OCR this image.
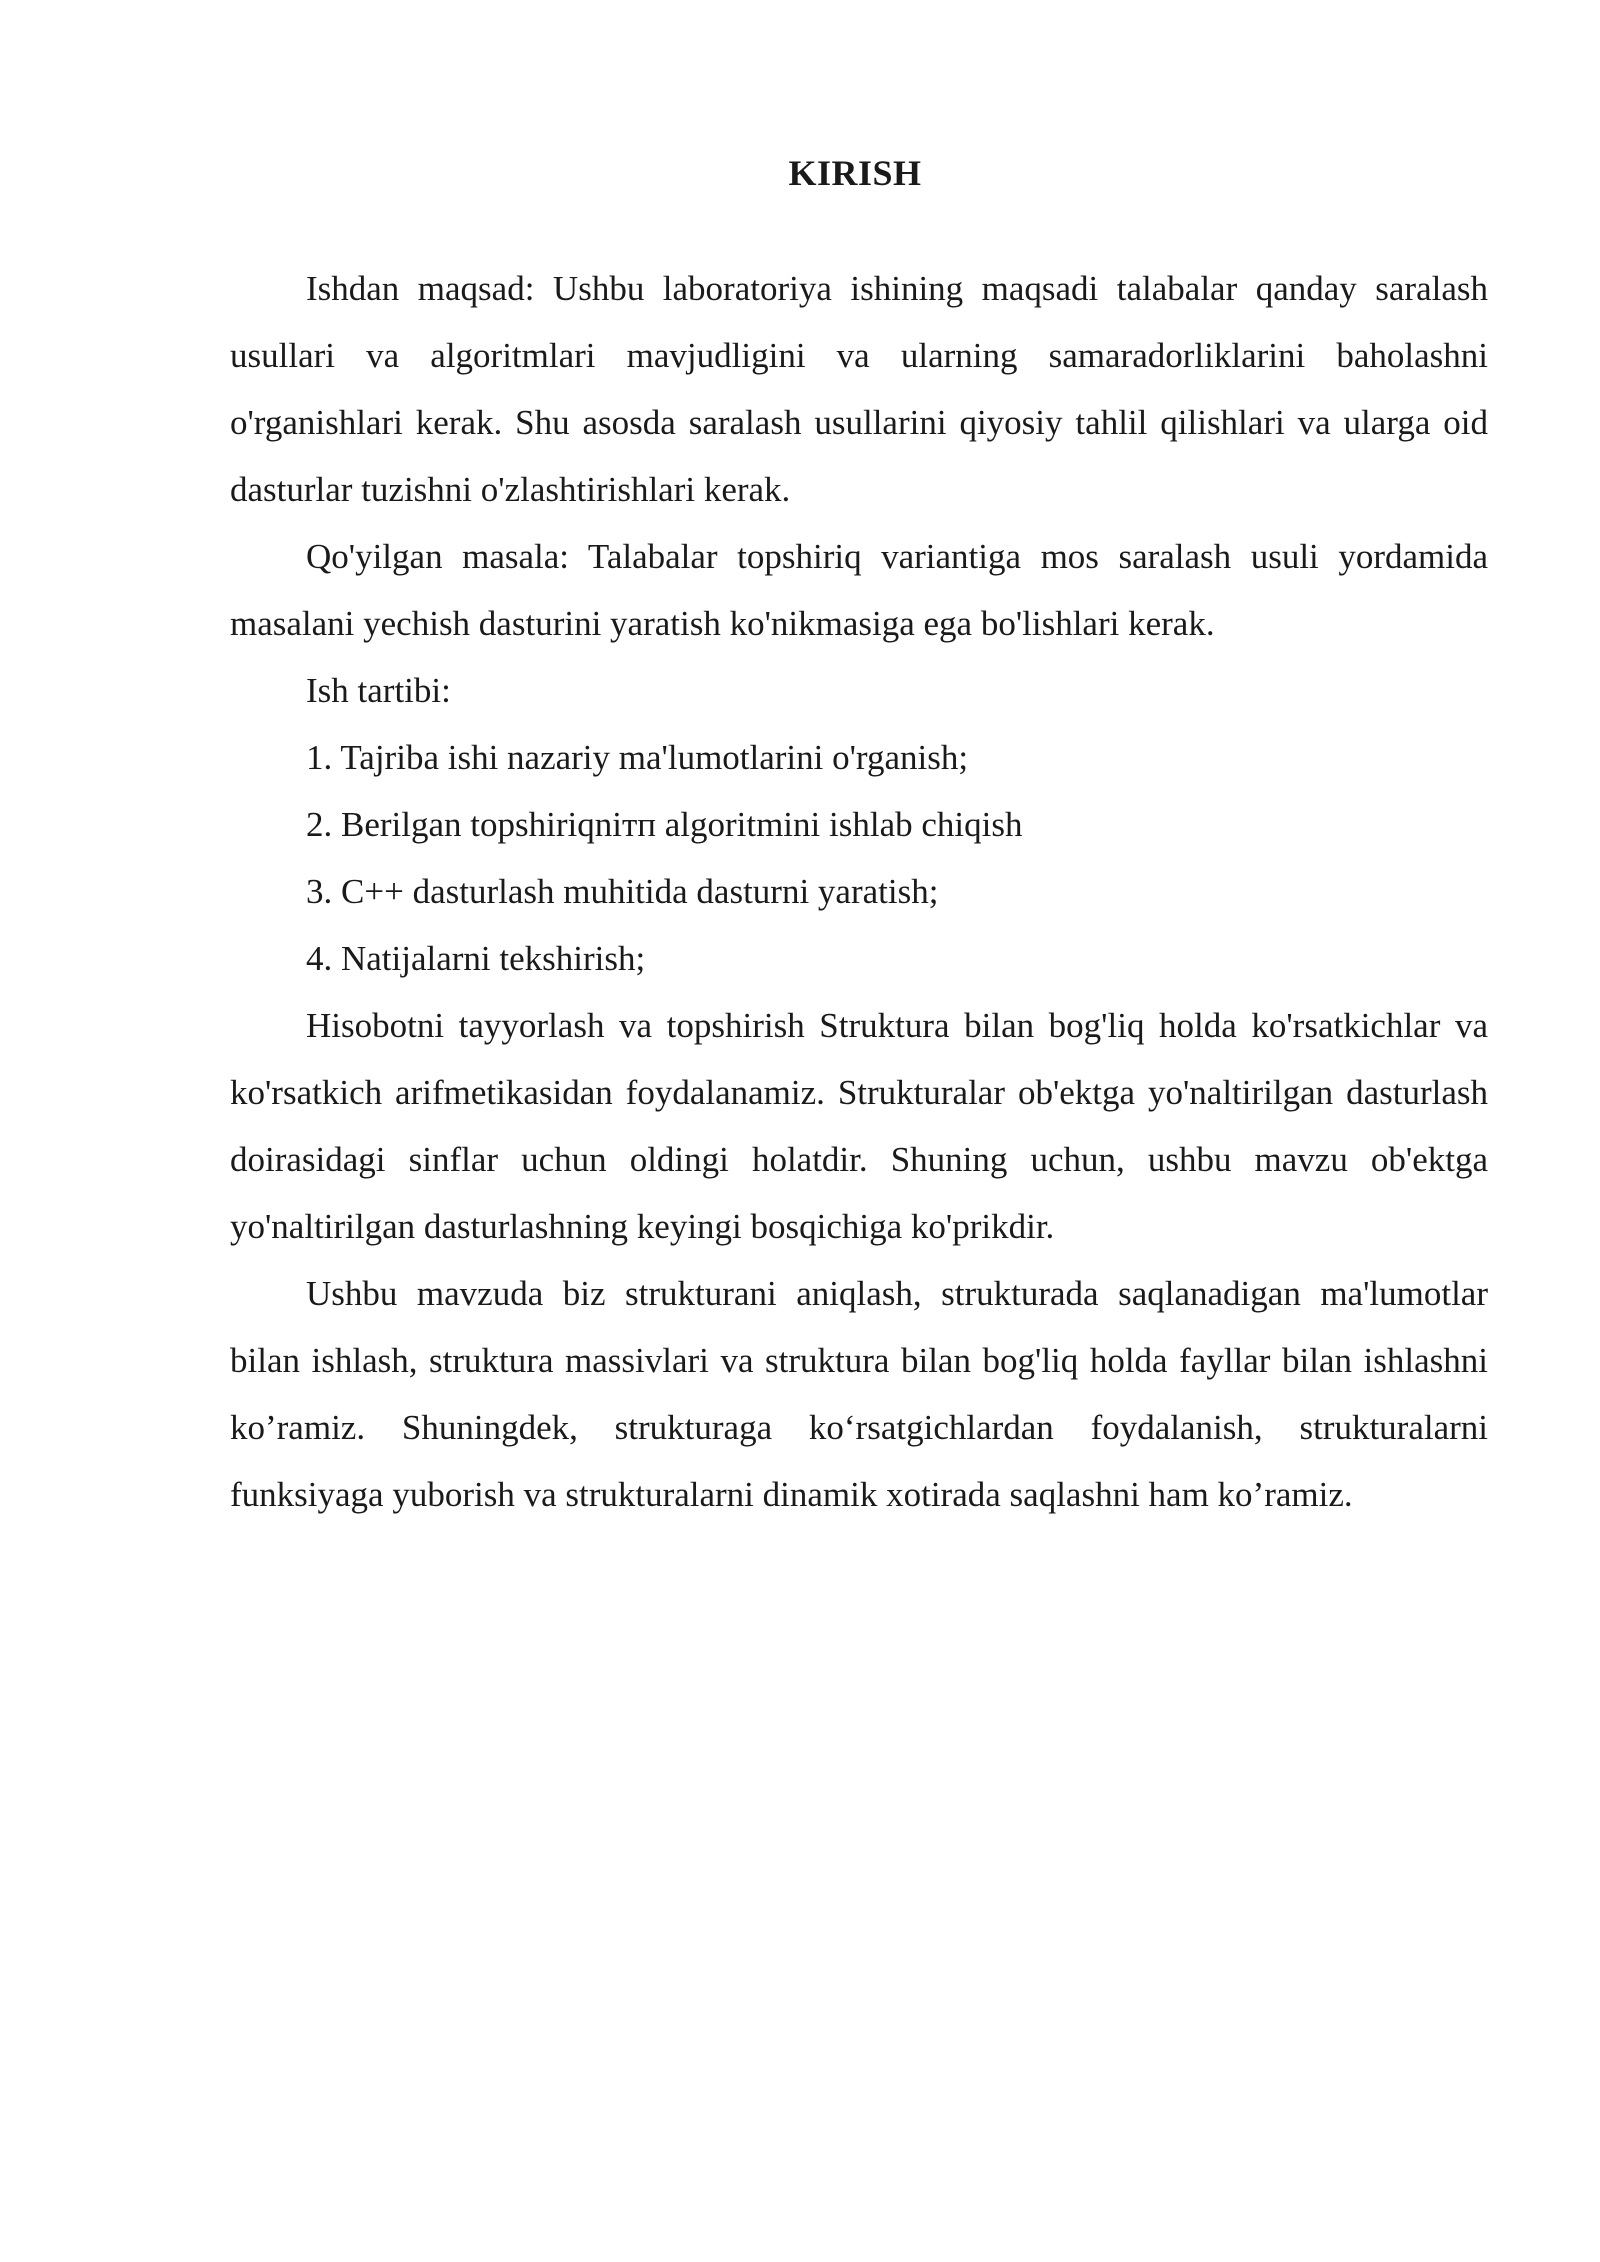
KIRISH

Ishdan maqsad: Ushbu laboratoriya ishining maqsadi talabalar qanday saralash usullari va algoritmlari mavjudligini va ularning samaradorliklarini baholashni o'rganishlari kerak. Shu asosda saralash usullarini qiyosiy tahlil qilishlari va ularga oid dasturlar tuzishni o'zlashtirishlari kerak.

Qo'yilgan masala: Talabalar topshiriq variantiga mos saralash usuli yordamida masalani yechish dasturini yaratish ko'nikmasiga ega bo'lishlari kerak.

Ish tartibi:

1. Tajriba ishi nazariy ma'lumotlarini o'rganish;

2. Berilgan topshiriqnітп algoritmini ishlab chiqish

3. C++ dasturlash muhitida dasturni yaratish;

4. Natijalarni tekshirish;

Hisobotni tayyorlash va topshirish Struktura bilan bog'liq holda ko'rsatkichlar va ko'rsatkich arifmetikasidan foydalanamiz. Strukturalar ob'ektga yo'naltirilgan dasturlash doirasidagi sinflar uchun oldingi holatdir. Shuning uchun, ushbu mavzu ob'ektga yo'naltirilgan dasturlashning keyingi bosqichiga ko'prikdir.

Ushbu mavzuda biz strukturani aniqlash, strukturada saqlanadigan ma'lumotlar bilan ishlash, struktura massivlari va struktura bilan bog'liq holda fayllar bilan ishlashni ko’ramiz. Shuningdek, strukturaga ko‘rsatgichlardan foydalanish, strukturalarni funksiyaga yuborish va strukturalarni dinamik xotirada saqlashni ham ko’ramiz.
